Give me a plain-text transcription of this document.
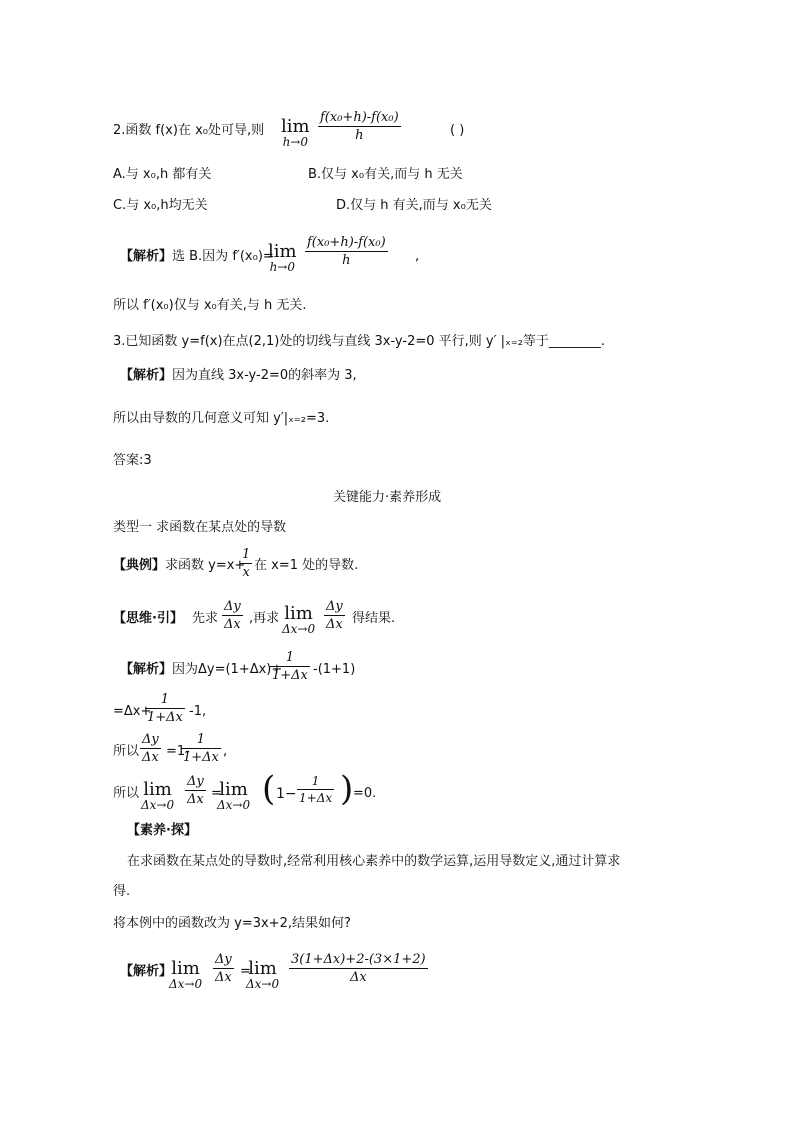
2.函数 f(x)在 x₀处可导,则 lim
$h\to 0 \frac{\text{f(x₀+h)-f(x₀)}}{h}$	( )
A.与 x₀,h 都有关	B.仅与 x₀有关,而与 h 无关
C.与 x₀,h均无关	D.仅与 h 有关,而与 x₀无关
【解析】 选 B.因为 f′(x₀)=
lim
$h\to 0 \frac{\text{f(x₀+h)-f(x₀)}}{h}$ ,
所以 f′(x₀)仅与 x₀有关,与 h 无关.
3.已知函数 y=f(x)在点(2,1)处的切线与直线 3x-y-2=0 平行,则 y′ |ₓ₌₂等于________.
【解析】 因为直线 3x-y-2=0的斜率为 3,
所以由导数的几何意义可知 y′|ₓ₌₂=3.
答案:3
关键能力·素养形成
类型一 求函数在某点处的导数
【典例】 求函数 y=x+
$\frac{1}{x}$ 在 x=1 处的导数.
【思维·引】 先求 $\frac{\Delta y}{\Delta x}$ ,再求 lim
$\Delta x\to 0 \frac{\Delta y}{\Delta x}$ 得结果.
【解析】 因为Δy=(1+Δx)+
$\frac{1}{1+\Delta x} -(1+1)$
=Δx+
$\frac{1}{1+\Delta x} -1$,
所以 $\frac{\Delta y}{\Delta x} =1-$
$\frac{1}{1+\Delta x}$ ,
所以 lim
$\Delta x\to 0 \frac{\Delta y}{\Delta x}$ =
lim
Δx→0 ( $1- \frac{1}{1+\Delta x}$ ) =0.
【素养·探】
在求函数在某点处的导数时,经常利用核心素养中的数学运算,运用导数定义,通过计算求
得.
将本例中的函数改为 y=3x+2,结果如何?
【解析】 lim
$\Delta x\to 0 \frac{\Delta y}{\Delta x}$ =
lim
$\Delta x\to 0 \frac{3(1+\Delta x)+2-(3\times 1+2)}{\Delta x}$
